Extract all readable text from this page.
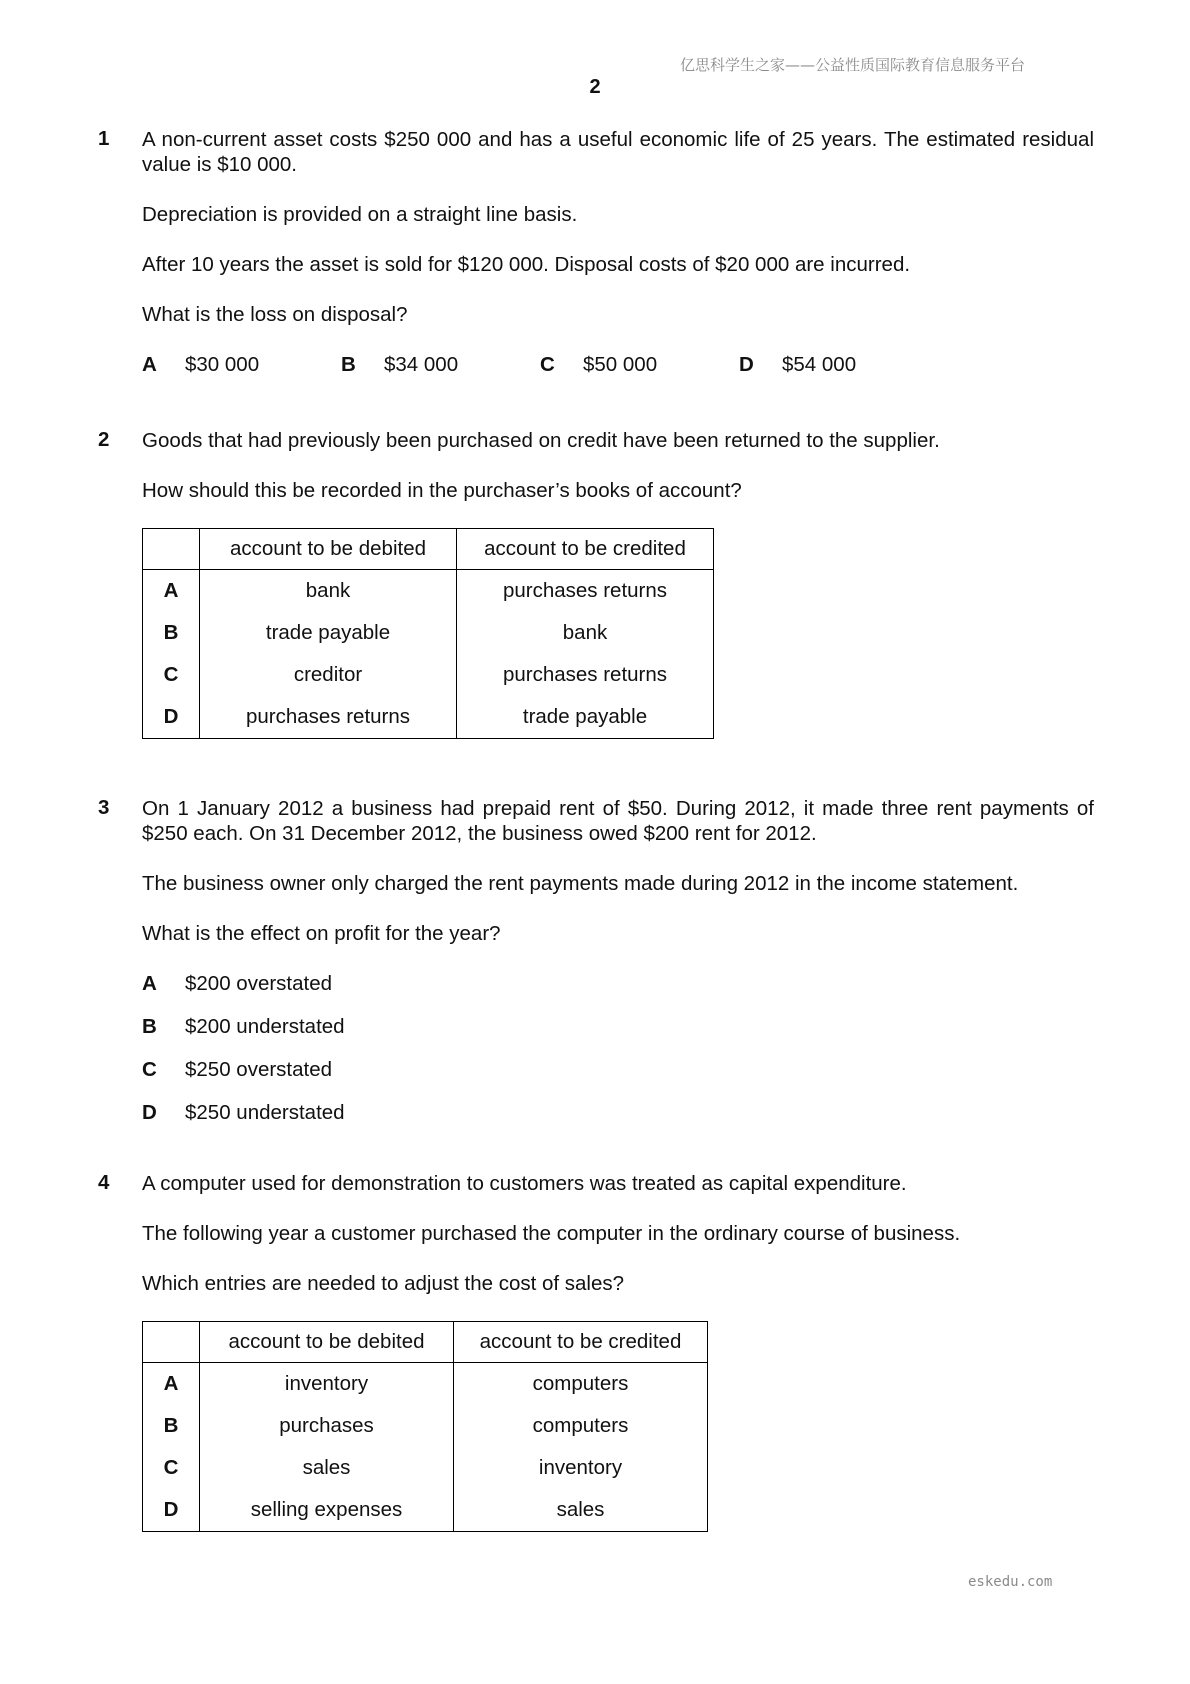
亿思科学生之家——公益性质国际教育信息服务平台
2
1 A non-current asset costs $250 000 and has a useful economic life of 25 years. The estimated residual value is $10 000.

Depreciation is provided on a straight line basis.

After 10 years the asset is sold for $120 000. Disposal costs of $20 000 are incurred.

What is the loss on disposal?

A	$30 000	B	$34 000	C	$50 000	D	$54 000
2 Goods that had previously been purchased on credit have been returned to the supplier.

How should this be recorded in the purchaser’s books of account?

	account to be debited	account to be credited
A	bank	purchases returns
B	trade payable	bank
C	creditor	purchases returns
D	purchases returns	trade payable
3 On 1 January 2012 a business had prepaid rent of $50. During 2012, it made three rent payments of $250 each. On 31 December 2012, the business owed $200 rent for 2012.

The business owner only charged the rent payments made during 2012 in the income statement.

What is the effect on profit for the year?

A	$200 overstated
B	$200 understated
C	$250 overstated
D	$250 understated
4 A computer used for demonstration to customers was treated as capital expenditure.

The following year a customer purchased the computer in the ordinary course of business.

Which entries are needed to adjust the cost of sales?

	account to be debited	account to be credited
A	inventory	computers
B	purchases	computers
C	sales	inventory
D	selling expenses	sales
eskedu.com
